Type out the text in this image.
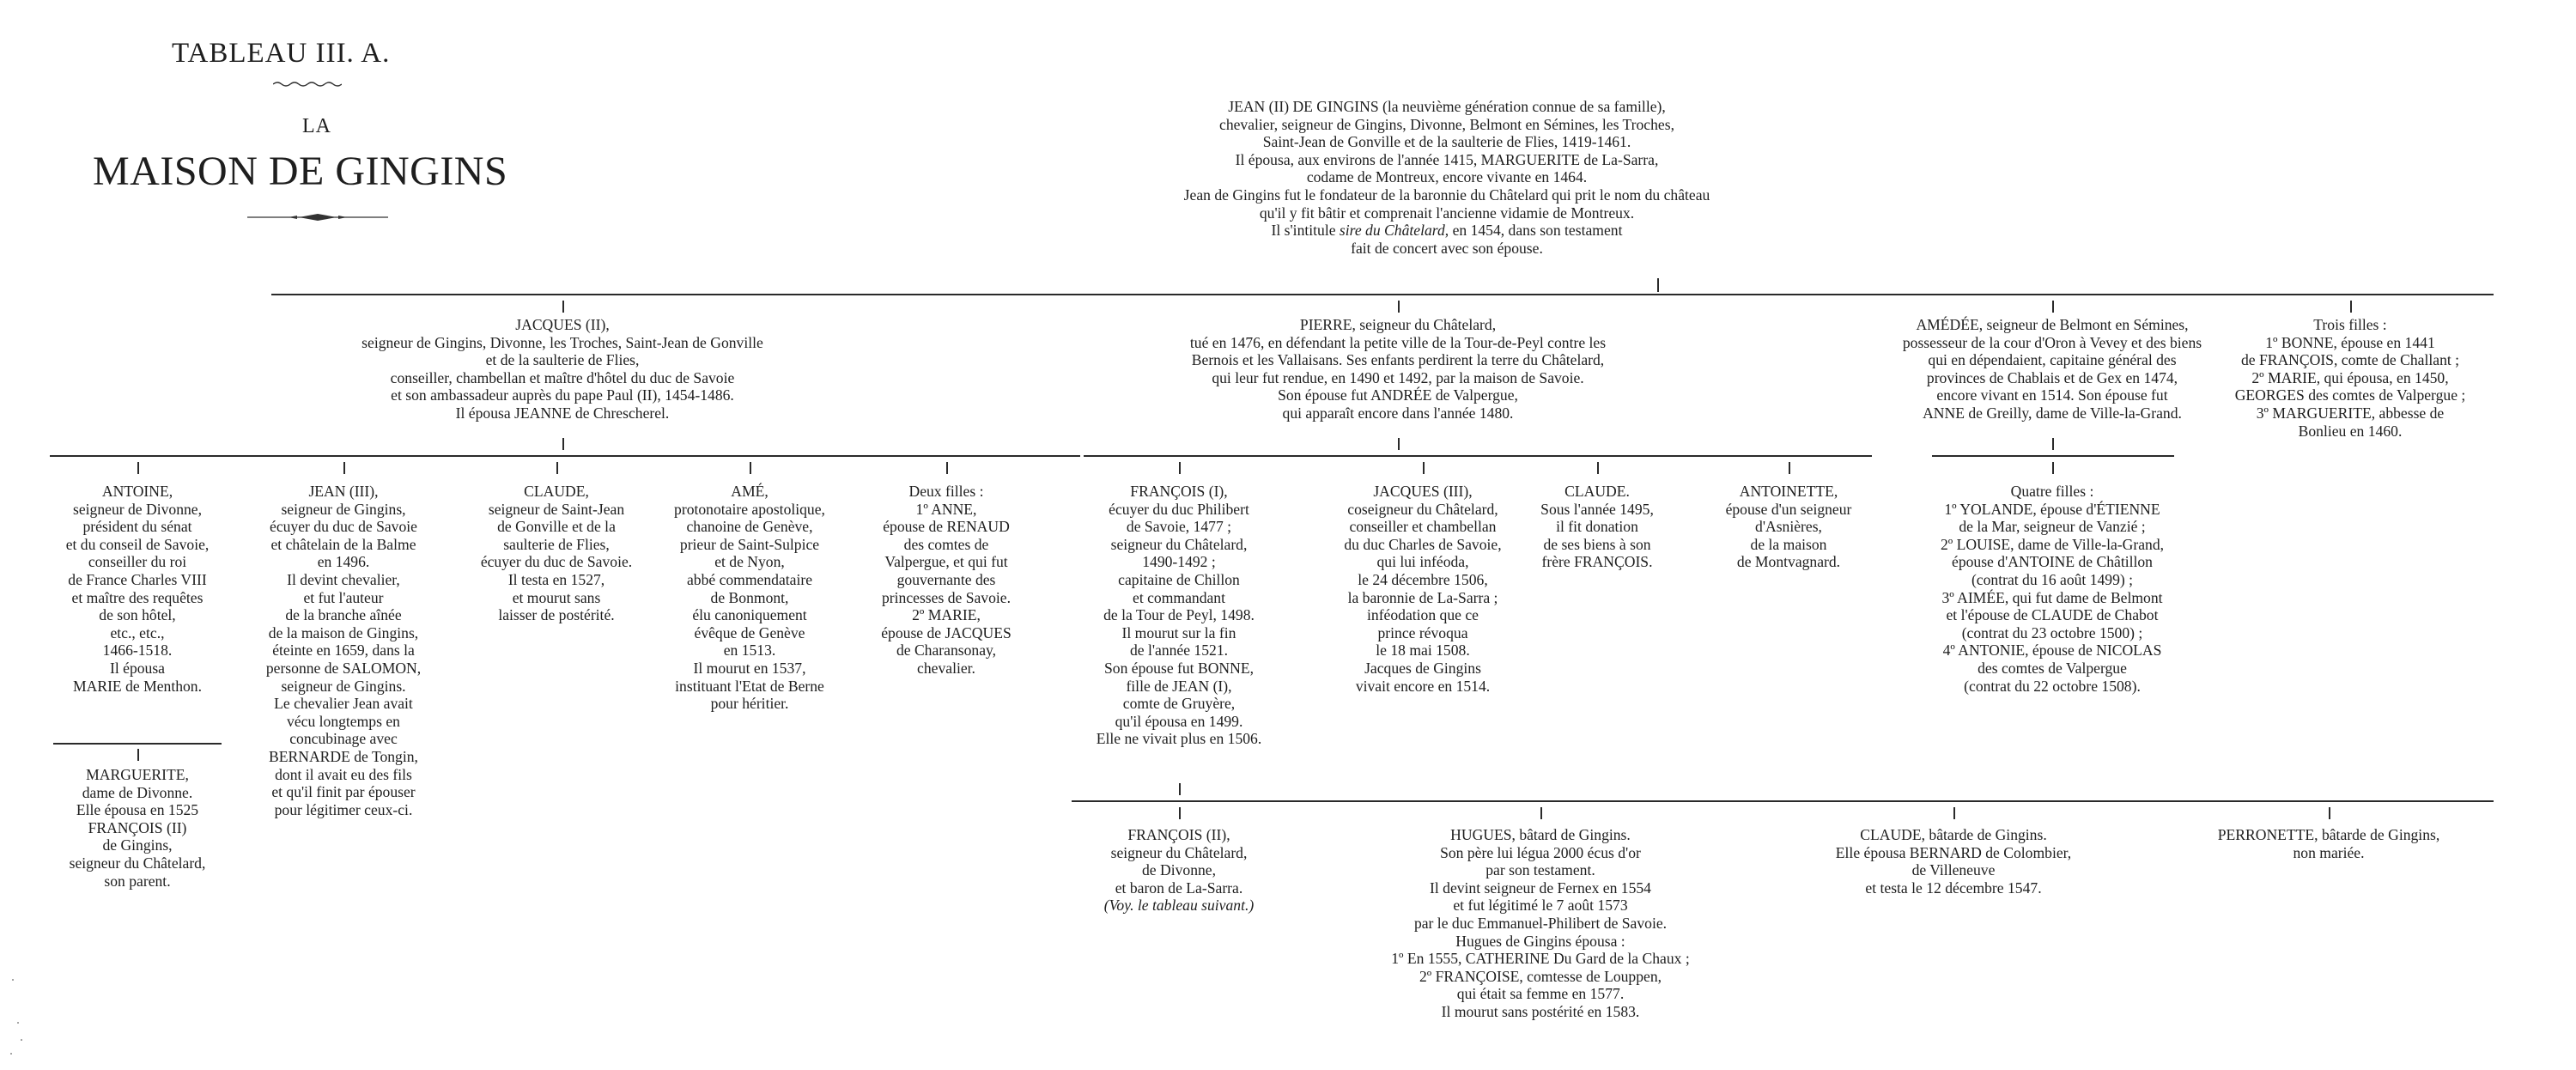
TABLEAU III. A.
LA
MAISON DE GINGINS
JEAN (II) DE GINGINS (la neuvième génération connue de sa famille),
chevalier, seigneur de Gingins, Divonne, Belmont en Sémines, les Troches,
Saint-Jean de Gonville et de la saulterie de Flies, 1419-1461.
Il épousa, aux environs de l'année 1415, MARGUERITE de La-Sarra,
codame de Montreux, encore vivante en 1464.
Jean de Gingins fut le fondateur de la baronnie du Châtelard qui prit le nom du château
qu'il y fit bâtir et comprenait l'ancienne vidamie de Montreux.
Il s'intitule sire du Châtelard, en 1454, dans son testament
fait de concert avec son épouse.
JACQUES (II),
seigneur de Gingins, Divonne, les Troches, Saint-Jean de Gonville
et de la saulterie de Flies,
conseiller, chambellan et maître d'hôtel du duc de Savoie
et son ambassadeur auprès du pape Paul (II), 1454-1486.
Il épousa JEANNE de Chrescherel.
PIERRE, seigneur du Châtelard,
tué en 1476, en défendant la petite ville de la Tour-de-Peyl contre les
Bernois et les Vallaisans. Ses enfants perdirent la terre du Châtelard,
qui leur fut rendue, en 1490 et 1492, par la maison de Savoie.
Son épouse fut ANDRÉE de Valpergue,
qui apparaît encore dans l'année 1480.
AMÉDÉE, seigneur de Belmont en Sémines,
possesseur de la cour d'Oron à Vevey et des biens
qui en dépendaient, capitaine général des
provinces de Chablais et de Gex en 1474,
encore vivant en 1514. Son épouse fut
ANNE de Greilly, dame de Ville-la-Grand.
Trois filles :
1º BONNE, épouse en 1441
de FRANÇOIS, comte de Challant ;
2º MARIE, qui épousa, en 1450,
GEORGES des comtes de Valpergue ;
3º MARGUERITE, abbesse de
Bonlieu en 1460.
ANTOINE,
seigneur de Divonne,
président du sénat
et du conseil de Savoie,
conseiller du roi
de France Charles VIII
et maître des requêtes
de son hôtel,
etc., etc.,
1466-1518.
Il épousa
MARIE de Menthon.
MARGUERITE,
dame de Divonne.
Elle épousa en 1525
FRANÇOIS (II)
de Gingins,
seigneur du Châtelard,
son parent.
JEAN (III),
seigneur de Gingins,
écuyer du duc de Savoie
et châtelain de la Balme
en 1496.
Il devint chevalier,
et fut l'auteur
de la branche aînée
de la maison de Gingins,
éteinte en 1659, dans la
personne de SALOMON,
seigneur de Gingins.
Le chevalier Jean avait
vécu longtemps en
concubinage avec
BERNARDE de Tongin,
dont il avait eu des fils
et qu'il finit par épouser
pour légitimer ceux-ci.
CLAUDE,
seigneur de Saint-Jean
de Gonville et de la
saulterie de Flies,
écuyer du duc de Savoie.
Il testa en 1527,
et mourut sans
laisser de postérité.
AMÉ,
protonotaire apostolique,
chanoine de Genève,
prieur de Saint-Sulpice
et de Nyon,
abbé commendataire
de Bonmont,
élu canoniquement
évêque de Genève
en 1513.
Il mourut en 1537,
instituant l'Etat de Berne
pour héritier.
Deux filles :
1º ANNE,
épouse de RENAUD
des comtes de
Valpergue, et qui fut
gouvernante des
princesses de Savoie.
2º MARIE,
épouse de JACQUES
de Charansonay,
chevalier.
FRANÇOIS (I),
écuyer du duc Philibert
de Savoie, 1477 ;
seigneur du Châtelard,
1490-1492 ;
capitaine de Chillon
et commandant
de la Tour de Peyl, 1498.
Il mourut sur la fin
de l'année 1521.
Son épouse fut BONNE,
fille de JEAN (I),
comte de Gruyère,
qu'il épousa en 1499.
Elle ne vivait plus en 1506.
JACQUES (III),
coseigneur du Châtelard,
conseiller et chambellan
du duc Charles de Savoie,
qui lui inféoda,
le 24 décembre 1506,
la baronnie de La-Sarra ;
inféodation que ce
prince révoqua
le 18 mai 1508.
Jacques de Gingins
vivait encore en 1514.
CLAUDE.
Sous l'année 1495,
il fit donation
de ses biens à son
frère FRANÇOIS.
ANTOINETTE,
épouse d'un seigneur
d'Asnières,
de la maison
de Montvagnard.
Quatre filles :
1º YOLANDE, épouse d'ÉTIENNE
de la Mar, seigneur de Vanzié ;
2º LOUISE, dame de Ville-la-Grand,
épouse d'ANTOINE de Châtillon
(contrat du 16 août 1499) ;
3º AIMÉE, qui fut dame de Belmont
et l'épouse de CLAUDE de Chabot
(contrat du 23 octobre 1500) ;
4º ANTONIE, épouse de NICOLAS
des comtes de Valpergue
(contrat du 22 octobre 1508).
FRANÇOIS (II),
seigneur du Châtelard,
de Divonne,
et baron de La-Sarra.
(Voy. le tableau suivant.)
HUGUES, bâtard de Gingins.
Son père lui légua 2000 écus d'or
par son testament.
Il devint seigneur de Fernex en 1554
et fut légitimé le 7 août 1573
par le duc Emmanuel-Philibert de Savoie.
Hugues de Gingins épousa :
1º En 1555, CATHERINE Du Gard de la Chaux ;
2º FRANÇOISE, comtesse de Louppen,
qui était sa femme en 1577.
Il mourut sans postérité en 1583.
CLAUDE, bâtarde de Gingins.
Elle épousa BERNARD de Colombier,
de Villeneuve
et testa le 12 décembre 1547.
PERRONETTE, bâtarde de Gingins,
non mariée.
